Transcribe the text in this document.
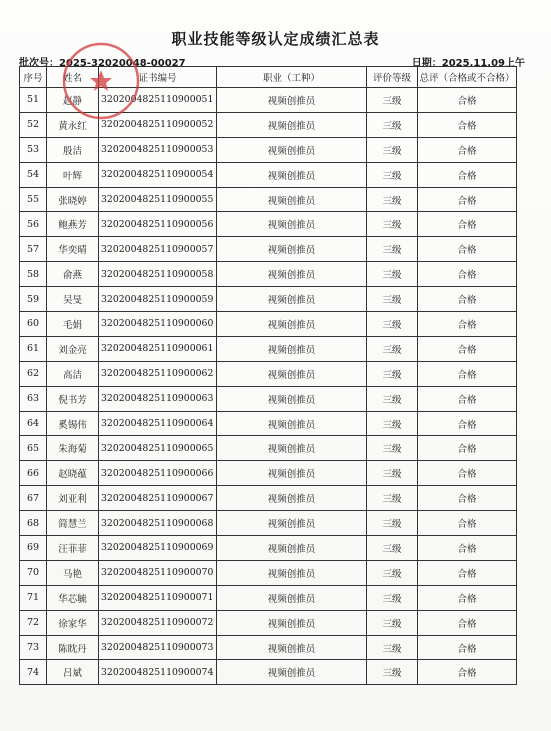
职业技能等级认定成绩汇总表
批次号：2025-32020048-00027	日期：2025.11.09上午
序号	姓名	证书编号	职业（工种）	评价等级	总评（合格或不合格）
51	赵静	3202004825110900051	视频创推员	三级	合格
52	黄永红	3202004825110900052	视频创推员	三级	合格
53	殷洁	3202004825110900053	视频创推员	三级	合格
54	叶辉	3202004825110900054	视频创推员	三级	合格
55	张晓婷	3202004825110900055	视频创推员	三级	合格
56	鲍燕芳	3202004825110900056	视频创推员	三级	合格
57	华奕晴	3202004825110900057	视频创推员	三级	合格
58	俞燕	3202004825110900058	视频创推员	三级	合格
59	吴旻	3202004825110900059	视频创推员	三级	合格
60	毛娟	3202004825110900060	视频创推员	三级	合格
61	刘金亮	3202004825110900061	视频创推员	三级	合格
62	高洁	3202004825110900062	视频创推员	三级	合格
63	倪书芳	3202004825110900063	视频创推员	三级	合格
64	奚锡伟	3202004825110900064	视频创推员	三级	合格
65	朱海菊	3202004825110900065	视频创推员	三级	合格
66	赵晓蕴	3202004825110900066	视频创推员	三级	合格
67	刘亚利	3202004825110900067	视频创推员	三级	合格
68	简慧兰	3202004825110900068	视频创推员	三级	合格
69	汪菲菲	3202004825110900069	视频创推员	三级	合格
70	马艳	3202004825110900070	视频创推员	三级	合格
71	华芯毓	3202004825110900071	视频创推员	三级	合格
72	徐家华	3202004825110900072	视频创推员	三级	合格
73	陈眈丹	3202004825110900073	视频创推员	三级	合格
74	吕斌	3202004825110900074	视频创推员	三级	合格
